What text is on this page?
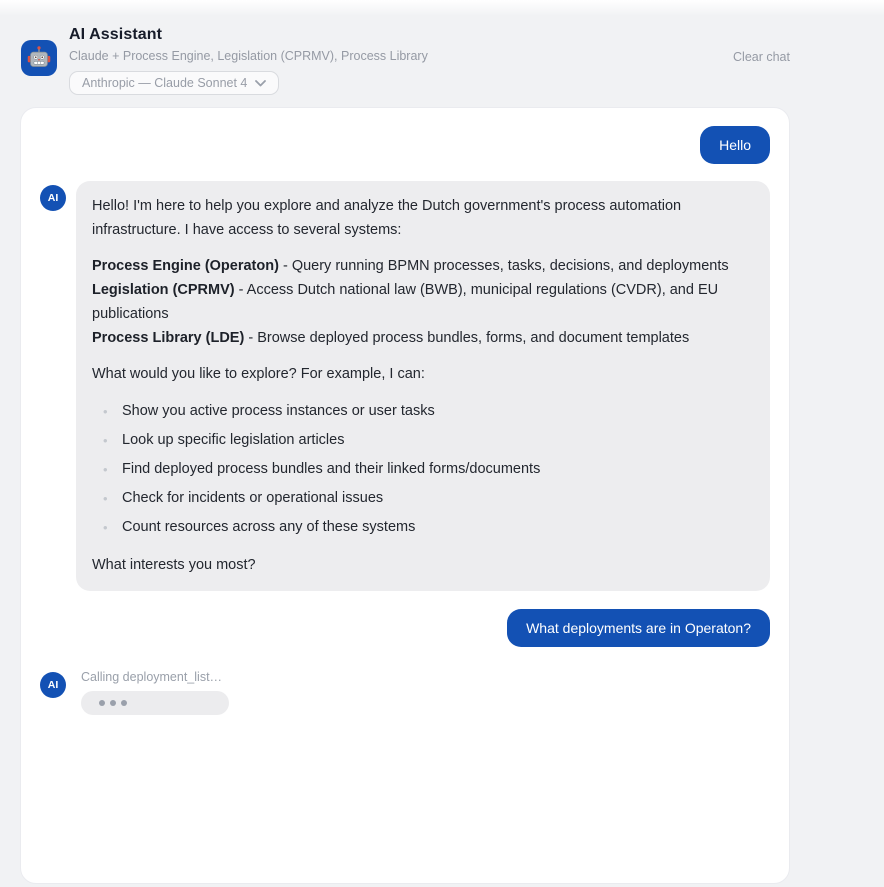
AI Assistant
Claude + Process Engine, Legislation (CPRMV), Process Library
Anthropic — Claude Sonnet 4
Clear chat
Hello
AI	Hello! I'm here to help you explore and analyze the Dutch government's process automation infrastructure. I have access to several systems:

Process Engine (Operaton) - Query running BPMN processes, tasks, decisions, and deployments
Legislation (CPRMV) - Access Dutch national law (BWB), municipal regulations (CVDR), and EU publications
Process Library (LDE) - Browse deployed process bundles, forms, and document templates

What would you like to explore? For example, I can:

• Show you active process instances or user tasks
• Look up specific legislation articles
• Find deployed process bundles and their linked forms/documents
• Check for incidents or operational issues
• Count resources across any of these systems

What interests you most?

What deployments are in Operaton?
AI
Calling deployment_list…
